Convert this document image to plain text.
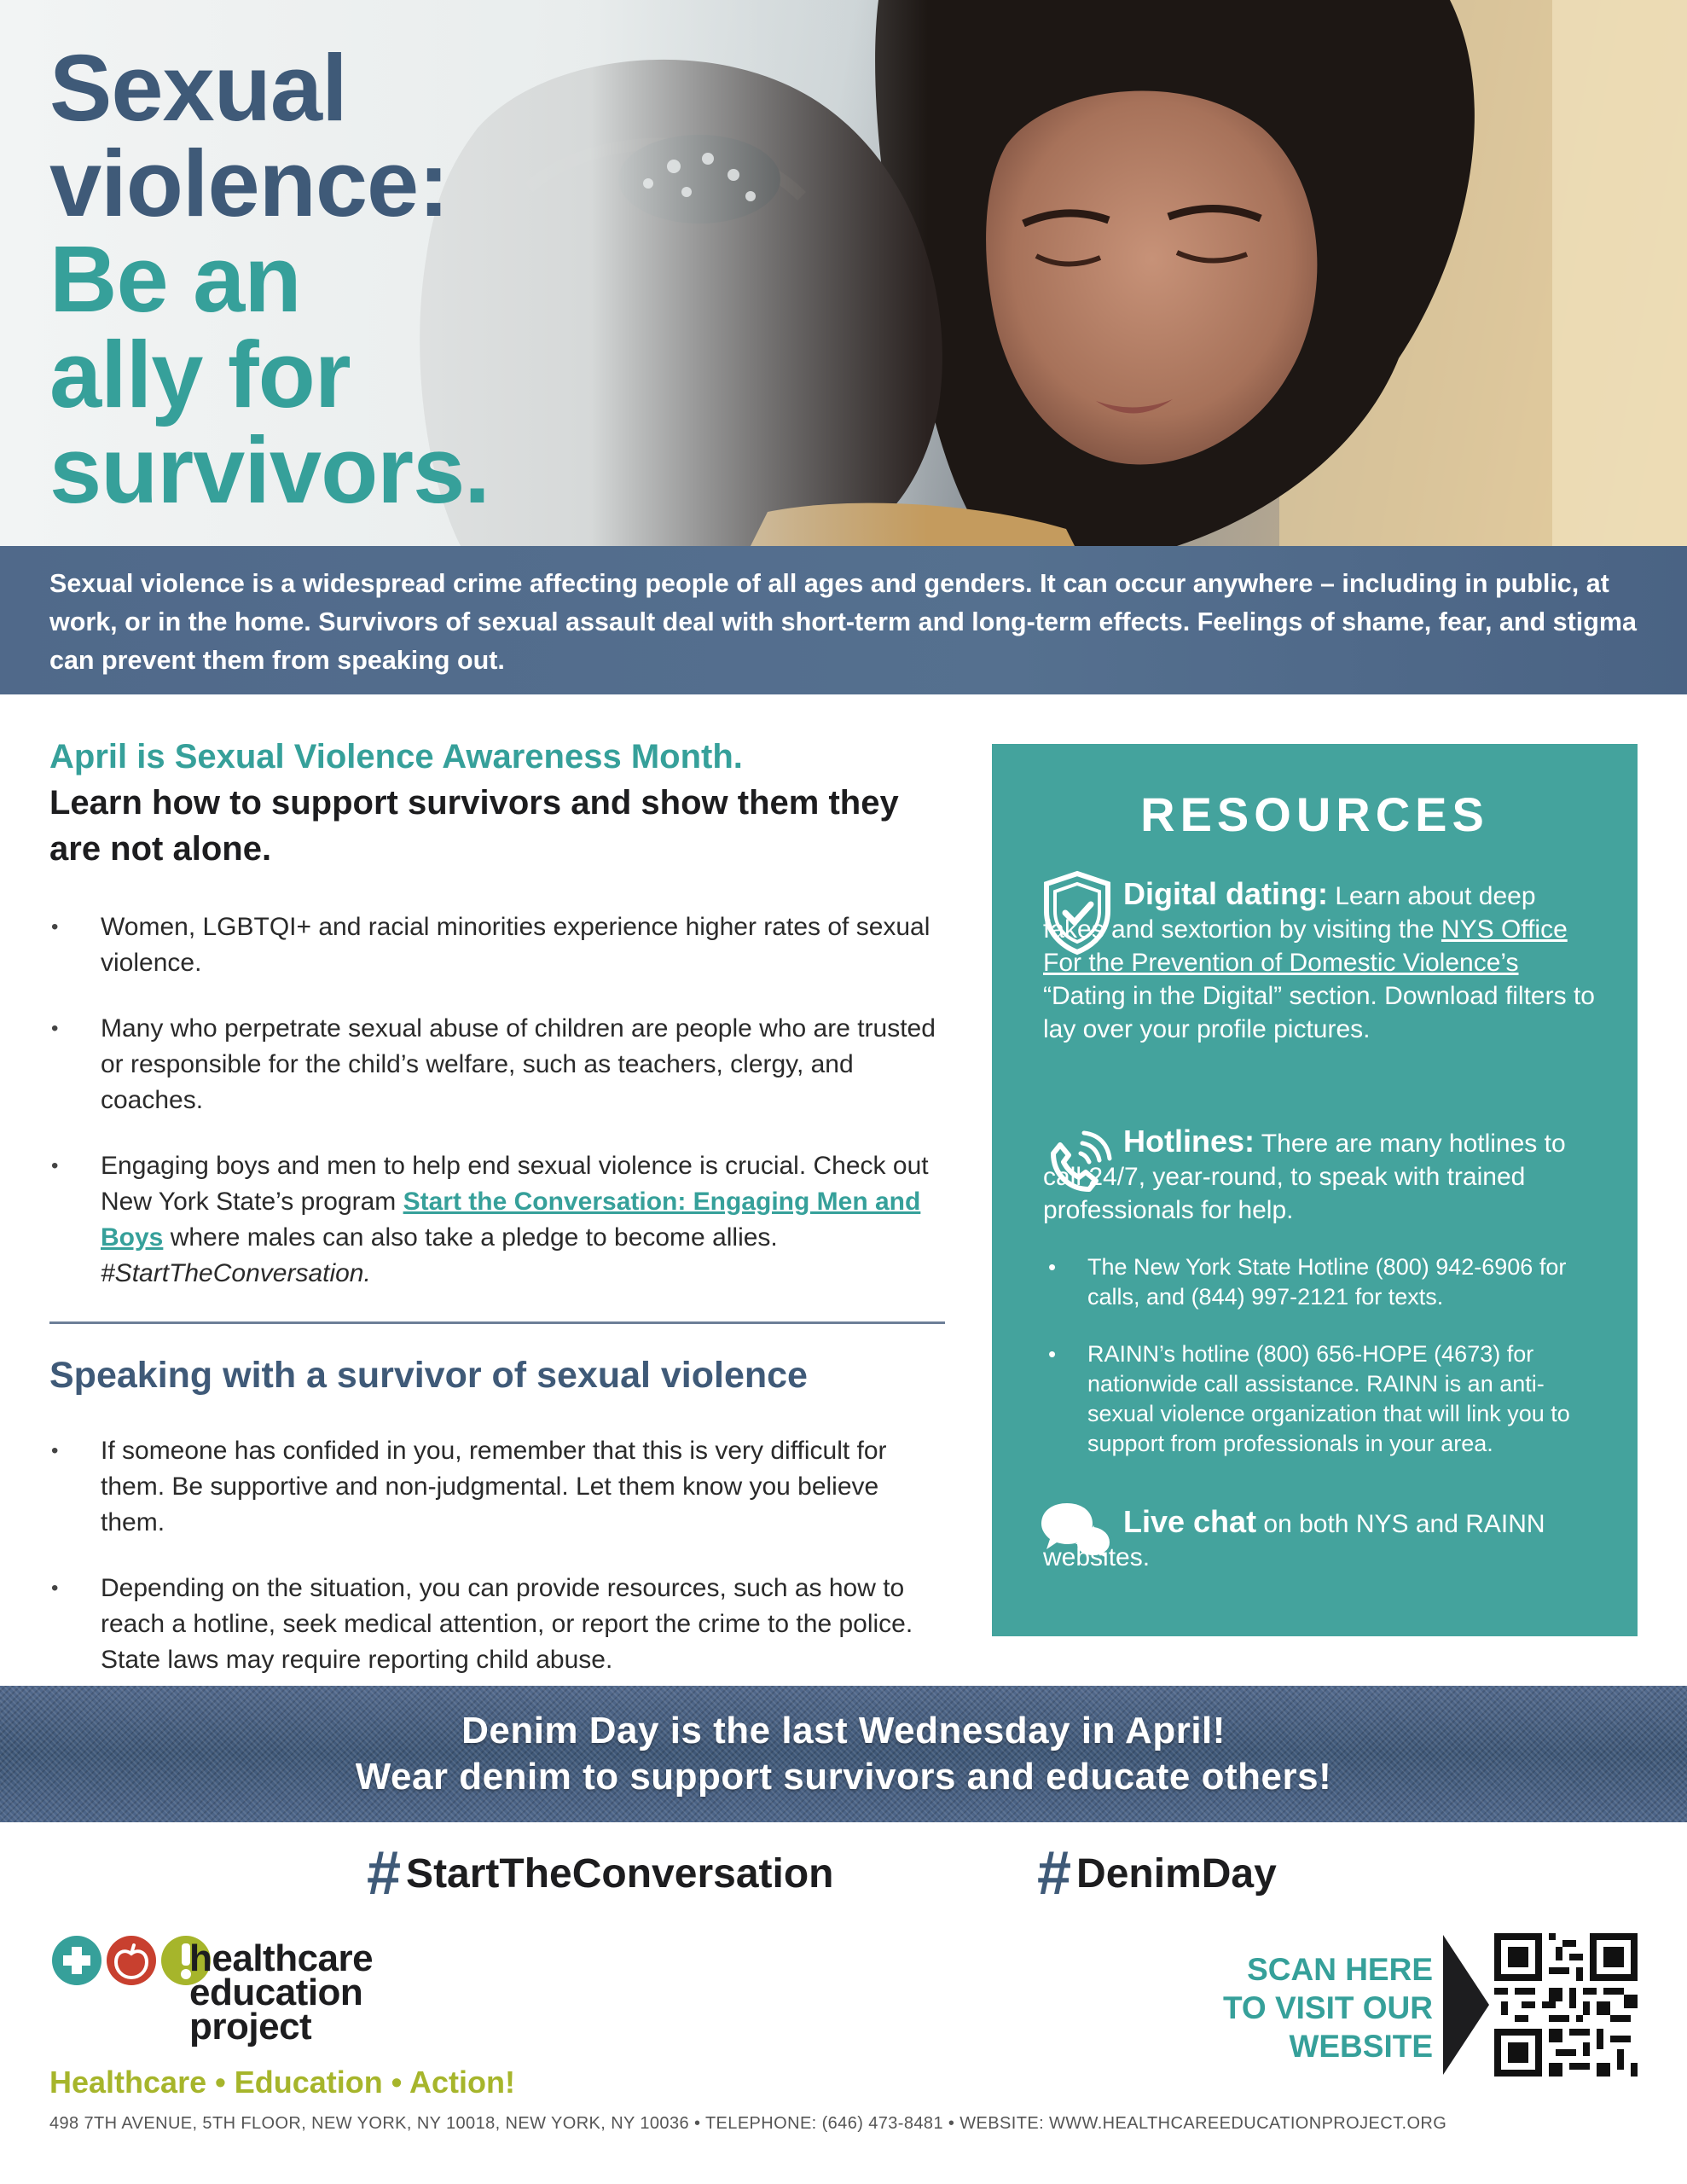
Sexual
violence:
Be an
ally for
survivors.

Sexual violence is a widespread crime affecting people of all ages and genders. It can occur anywhere – including in public, at work, or in the home. Survivors of sexual assault deal with short-term and long-term effects. Feelings of shame, fear, and stigma can prevent them from speaking out.

April is Sexual Violence Awareness Month.
Learn how to support survivors and show them they are not alone.
• Women, LGBTQI+ and racial minorities experience higher rates of sexual violence.
• Many who perpetrate sexual abuse of children are people who are trusted or responsible for the child’s welfare, such as teachers, clergy, and coaches.
• Engaging boys and men to help end sexual violence is crucial. Check out New York State’s program Start the Conversation: Engaging Men and Boys where males can also take a pledge to become allies. #StartTheConversation.
Speaking with a survivor of sexual violence
• If someone has confided in you, remember that this is very difficult for them. Be supportive and non-judgmental. Let them know you believe them.
• Depending on the situation, you can provide resources, such as how to reach a hotline, seek medical attention, or report the crime to the police. State laws may require reporting child abuse.
RESOURCES
Digital dating: Learn about deep fakes and sextortion by visiting the NYS Office For the Prevention of Domestic Violence’s “Dating in the Digital” section. Download filters to lay over your profile pictures.
Hotlines: There are many hotlines to call 24/7, year-round, to speak with trained professionals for help.
• The New York State Hotline (800) 942-6906 for calls, and (844) 997-2121 for texts.
• RAINN’s hotline (800) 656-HOPE (4673) for nationwide call assistance. RAINN is an anti-sexual violence organization that will link you to support from professionals in your area.
Live chat on both NYS and RAINN websites.

Denim Day is the last Wednesday in April!

Wear denim to support survivors and educate others!

# StartTheConversation	# DenimDay
healthcare
education
project
Healthcare • Education • Action!
SCAN HERE
TO VISIT OUR
WEBSITE
498 7TH AVENUE, 5TH FLOOR, NEW YORK, NY 10018, NEW YORK, NY 10036 • TELEPHONE: (646) 473-8481 • WEBSITE: WWW.HEALTHCAREEDUCATIONPROJECT.ORG
